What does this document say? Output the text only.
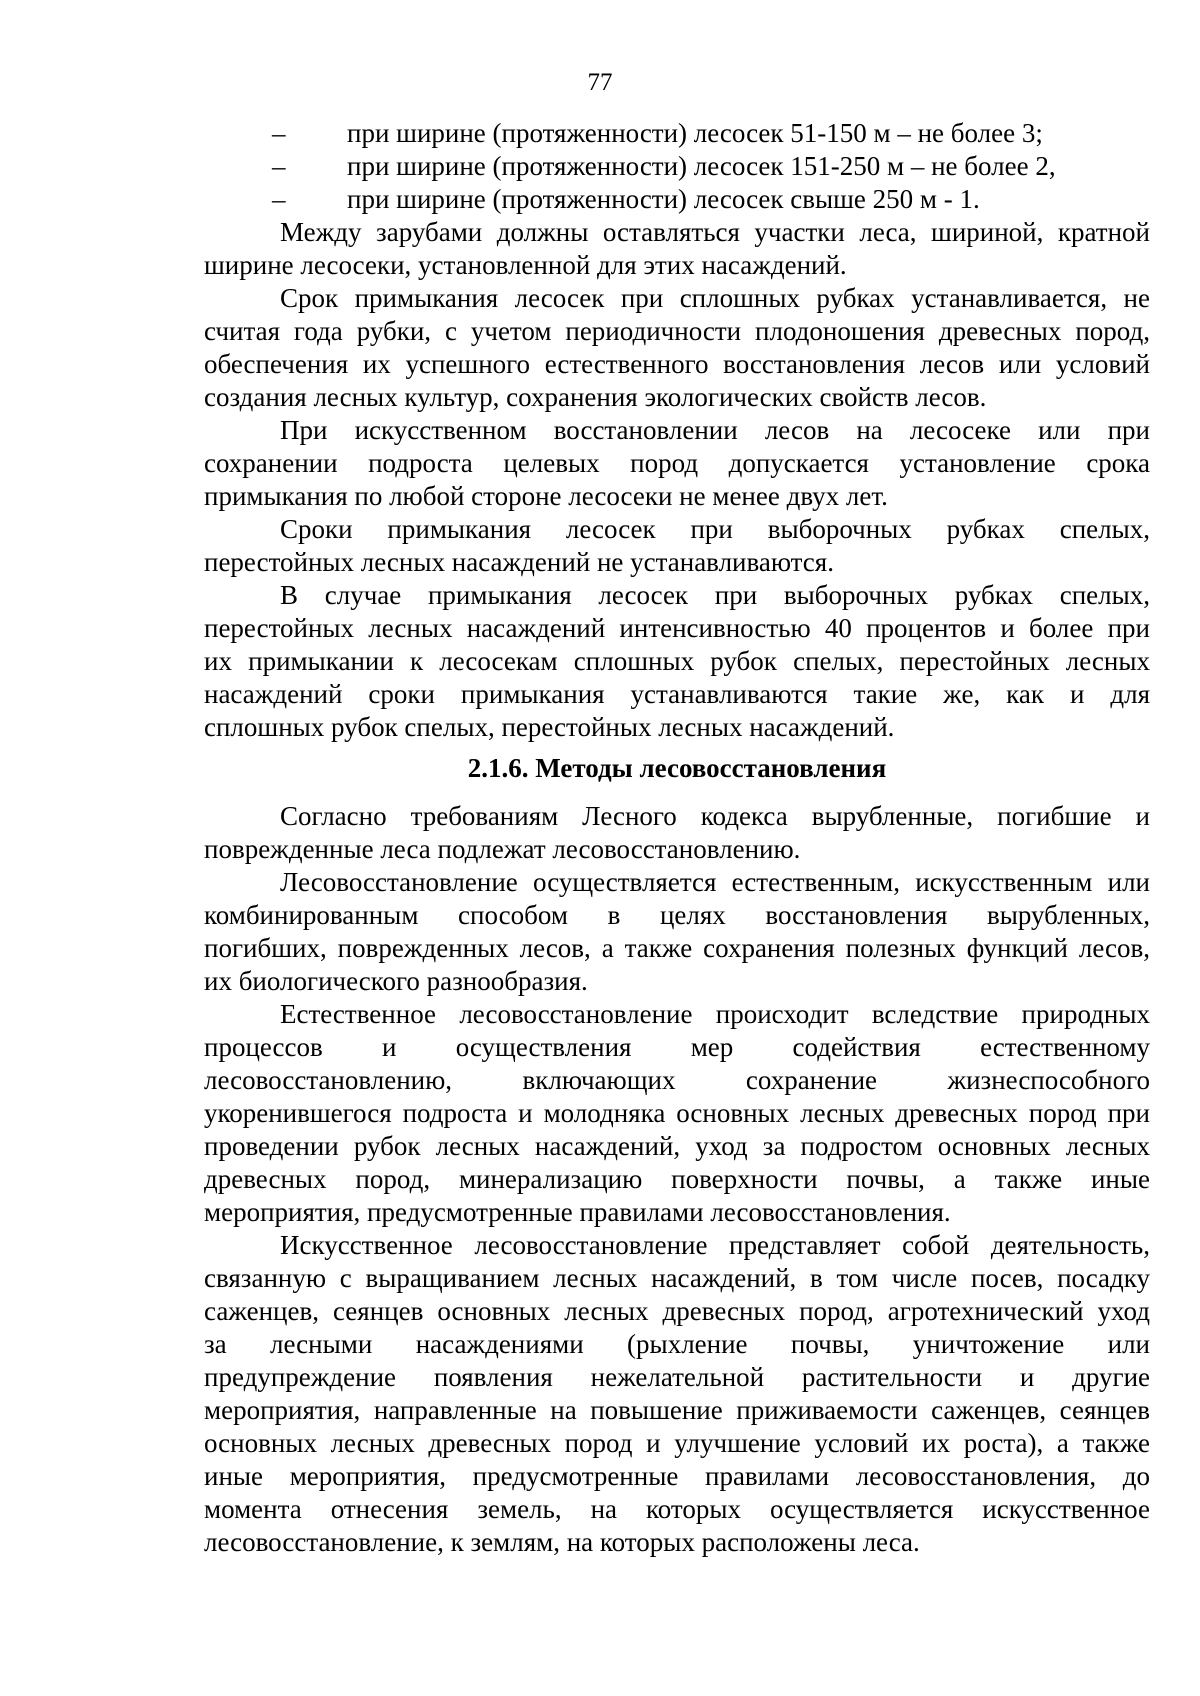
77
– при ширине (протяженности) лесосек 51-150 м – не более 3;
– при ширине (протяженности) лесосек 151-250 м – не более 2,
– при ширине (протяженности) лесосек свыше 250 м - 1.
Между зарубами должны оставляться участки леса, шириной, кратной
ширине лесосеки, установленной для этих насаждений.
Срок примыкания лесосек при сплошных рубках устанавливается, не
считая года рубки, с учетом периодичности плодоношения древесных пород,
обеспечения их успешного естественного восстановления лесов или условий
создания лесных культур, сохранения экологических свойств лесов.
При искусственном восстановлении лесов на лесосеке или при
сохранении подроста целевых пород допускается установление срока
примыкания по любой стороне лесосеки не менее двух лет.
Сроки примыкания лесосек при выборочных рубках спелых,
перестойных лесных насаждений не устанавливаются.
В случае примыкания лесосек при выборочных рубках спелых,
перестойных лесных насаждений интенсивностью 40 процентов и более при
их примыкании к лесосекам сплошных рубок спелых, перестойных лесных
насаждений сроки примыкания устанавливаются такие же, как и для
сплошных рубок спелых, перестойных лесных насаждений.
2.1.6. Методы лесовосстановления
Согласно требованиям Лесного кодекса вырубленные, погибшие и
поврежденные леса подлежат лесовосстановлению.
Лесовосстановление осуществляется естественным, искусственным или
комбинированным способом в целях восстановления вырубленных,
погибших, поврежденных лесов, а также сохранения полезных функций лесов,
их биологического разнообразия.
Естественное лесовосстановление происходит вследствие природных
процессов и осуществления мер содействия естественному
лесовосстановлению, включающих сохранение жизнеспособного
укоренившегося подроста и молодняка основных лесных древесных пород при
проведении рубок лесных насаждений, уход за подростом основных лесных
древесных пород, минерализацию поверхности почвы, а также иные
мероприятия, предусмотренные правилами лесовосстановления.
Искусственное лесовосстановление представляет собой деятельность,
связанную с выращиванием лесных насаждений, в том числе посев, посадку
саженцев, сеянцев основных лесных древесных пород, агротехнический уход
за лесными насаждениями (рыхление почвы, уничтожение или
предупреждение появления нежелательной растительности и другие
мероприятия, направленные на повышение приживаемости саженцев, сеянцев
основных лесных древесных пород и улучшение условий их роста), а также
иные мероприятия, предусмотренные правилами лесовосстановления, до
момента отнесения земель, на которых осуществляется искусственное
лесовосстановление, к землям, на которых расположены леса.
